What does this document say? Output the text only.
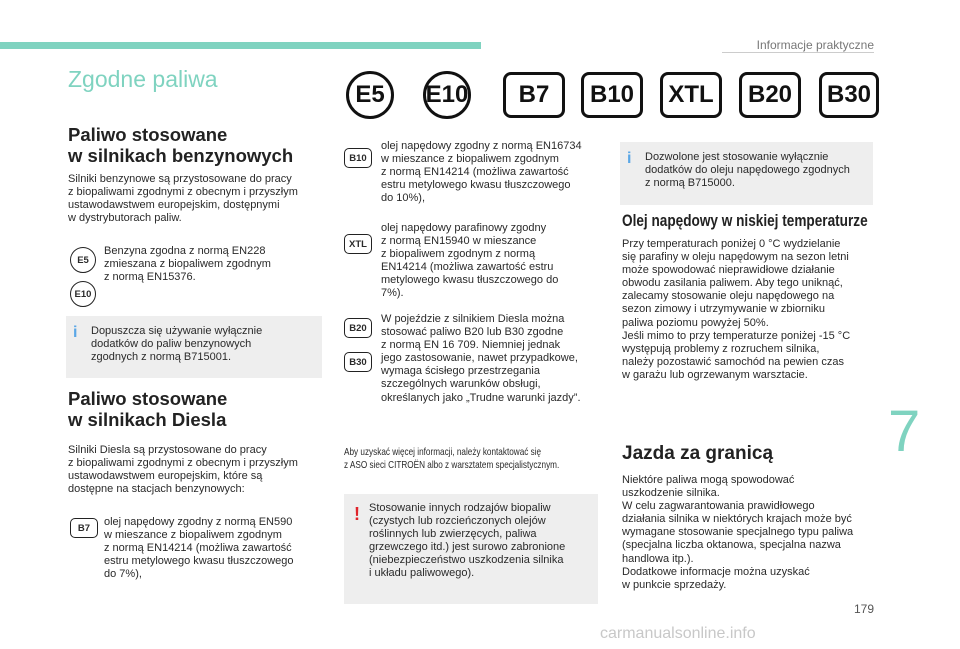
Informacje praktyczne
7
179
Zgodne paliwa
E5	E10	B7	B10	XTL	B20	B30
Paliwo stosowane
w silnikach benzynowych

Silniki benzynowe są przystosowane do pracy
z biopaliwami zgodnymi z obecnym i przyszłym
ustawodawstwem europejskim, dostępnymi
w dystrybutorach paliw.

E5
E10

Benzyna zgodna z normą EN228
zmieszana z biopaliwem zgodnym
z normą EN15376.

i Dopuszcza się używanie wyłącznie
dodatków do paliw benzynowych
zgodnych z normą B715001.

Paliwo stosowane
w silnikach Diesla

Silniki Diesla są przystosowane do pracy
z biopaliwami zgodnymi z obecnym i przyszłym
ustawodawstwem europejskim, które są
dostępne na stacjach benzynowych:

B7	olej napędowy zgodny z normą EN590
w mieszance z biopaliwem zgodnym
z normą EN14214 (możliwa zawartość
estru metylowego kwasu tłuszczowego
do 7%),

B10

olej napędowy zgodny z normą EN16734
w mieszance z biopaliwem zgodnym
z normą EN14214 (możliwa zawartość
estru metylowego kwasu tłuszczowego
do 10%),

XTL

olej napędowy parafinowy zgodny
z normą EN15940 w mieszance
z biopaliwem zgodnym z normą
EN14214 (możliwa zawartość estru
metylowego kwasu tłuszczowego do
7%).

B20
B30

W pojeździe z silnikiem Diesla można
stosować paliwo B20 lub B30 zgodne
z normą EN 16 709. Niemniej jednak
jego zastosowanie, nawet przypadkowe,
wymaga ścisłego przestrzegania
szczególnych warunków obsługi,
określanych jako „Trudne warunki jazdy”.

Aby uzyskać więcej informacji, należy kontaktować się
z ASO sieci CITROËN albo z warsztatem specjalistycznym.
! Stosowanie innych rodzajów biopaliw
(czystych lub rozcieńczonych olejów
roślinnych lub zwierzęcych, paliwa
grzewczego itd.) jest surowo zabronione
(niebezpieczeństwo uszkodzenia silnika
i układu paliwowego).

i Dozwolone jest stosowanie wyłącznie
dodatków do oleju napędowego zgodnych
z normą B715000.

Olej napędowy w niskiej temperaturze

Przy temperaturach poniżej 0 °C wydzielanie
się parafiny w oleju napędowym na sezon letni
może spowodować nieprawidłowe działanie
obwodu zasilania paliwem. Aby tego uniknąć,
zalecamy stosowanie oleju napędowego na
sezon zimowy i utrzymywanie w zbiorniku
paliwa poziomu powyżej 50%.
Jeśli mimo to przy temperaturze poniżej -15 °C
występują problemy z rozruchem silnika,
należy pozostawić samochód na pewien czas
w garażu lub ogrzewanym warsztacie.

Jazda za granicą

Niektóre paliwa mogą spowodować
uszkodzenie silnika.
W celu zagwarantowania prawidłowego
działania silnika w niektórych krajach może być
wymagane stosowanie specjalnego typu paliwa
(specjalna liczba oktanowa, specjalna nazwa
handlowa itp.).
Dodatkowe informacje można uzyskać
w punkcie sprzedaży.

carmanualsonline.info
